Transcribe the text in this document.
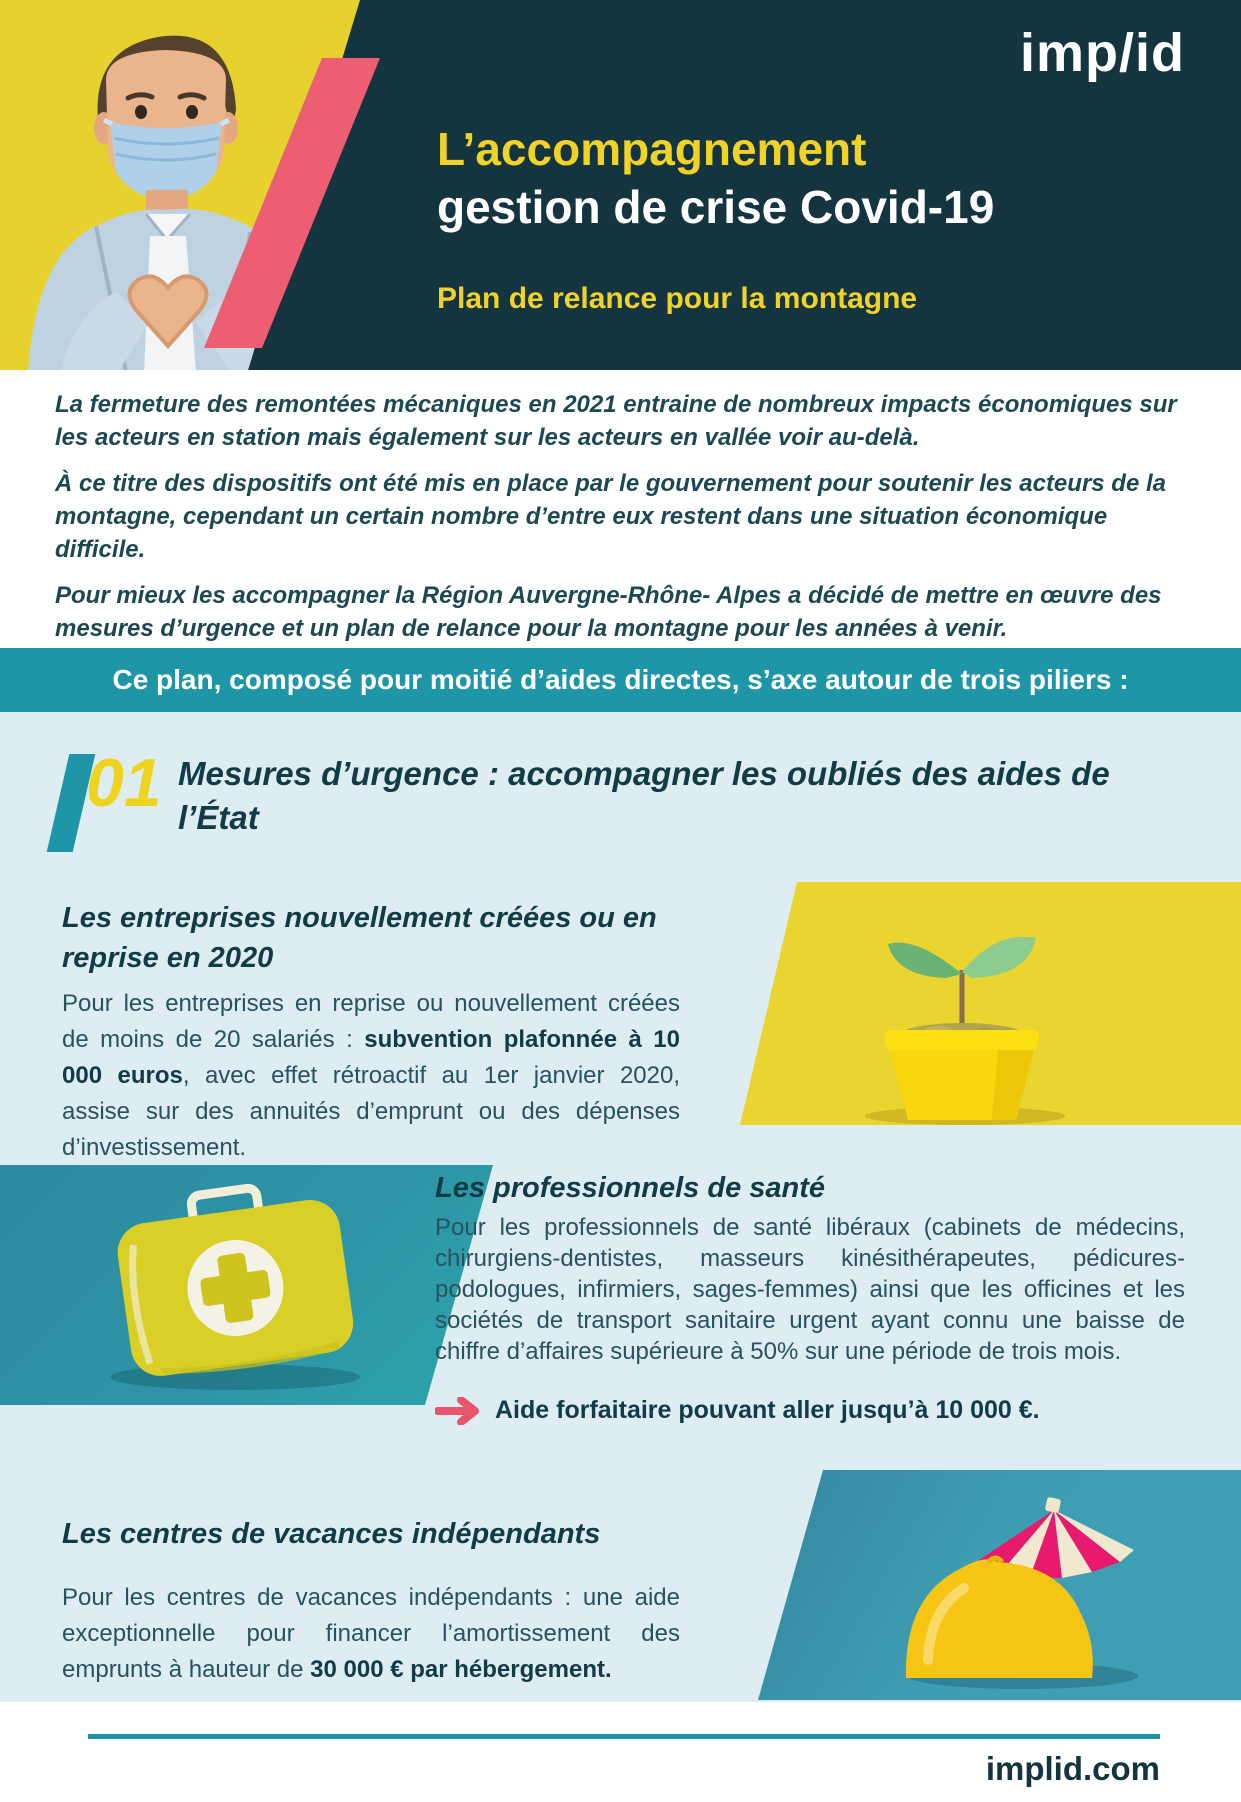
imp/id
L’accompagnement
gestion de crise Covid-19
Plan de relance pour la montagne

La fermeture des remontées mécaniques en 2021 entraine de nombreux impacts économiques sur les acteurs en station mais également sur les acteurs en vallée voir au-delà.

À ce titre des dispositifs ont été mis en place par le gouvernement pour soutenir les acteurs de la montagne, cependant un certain nombre d’entre eux restent dans une situation économique difficile.

Pour mieux les accompagner la Région Auvergne-Rhône- Alpes a décidé de mettre en œuvre des mesures d’urgence et un plan de relance pour la montagne pour les années à venir.

Ce plan, composé pour moitié d’aides directes, s’axe autour de trois piliers :

01 Mesures d’urgence : accompagner les oubliés des aides de l’État
Les entreprises nouvellement créées ou en reprise en 2020

Pour les entreprises en reprise ou nouvellement créées de moins de 20 salariés : subvention plafonnée à 10 000 euros, avec effet rétroactif au 1er janvier 2020, assise sur des annuités d’emprunt ou des dépenses d’investissement.

Les professionnels de santé

Pour les professionnels de santé libéraux (cabinets de médecins, chirurgiens-dentistes, masseurs kinésithérapeutes, pédicures-podologues, infirmiers, sages-femmes) ainsi que les officines et les sociétés de transport sanitaire urgent ayant connu une baisse de chiffre d’affaires supérieure à 50% sur une période de trois mois.

Aide forfaitaire pouvant aller jusqu’à 10 000 €.
Les centres de vacances indépendants

Pour les centres de vacances indépendants : une aide exceptionnelle pour financer l’amortissement des emprunts à hauteur de 30 000 € par hébergement.

implid.com
